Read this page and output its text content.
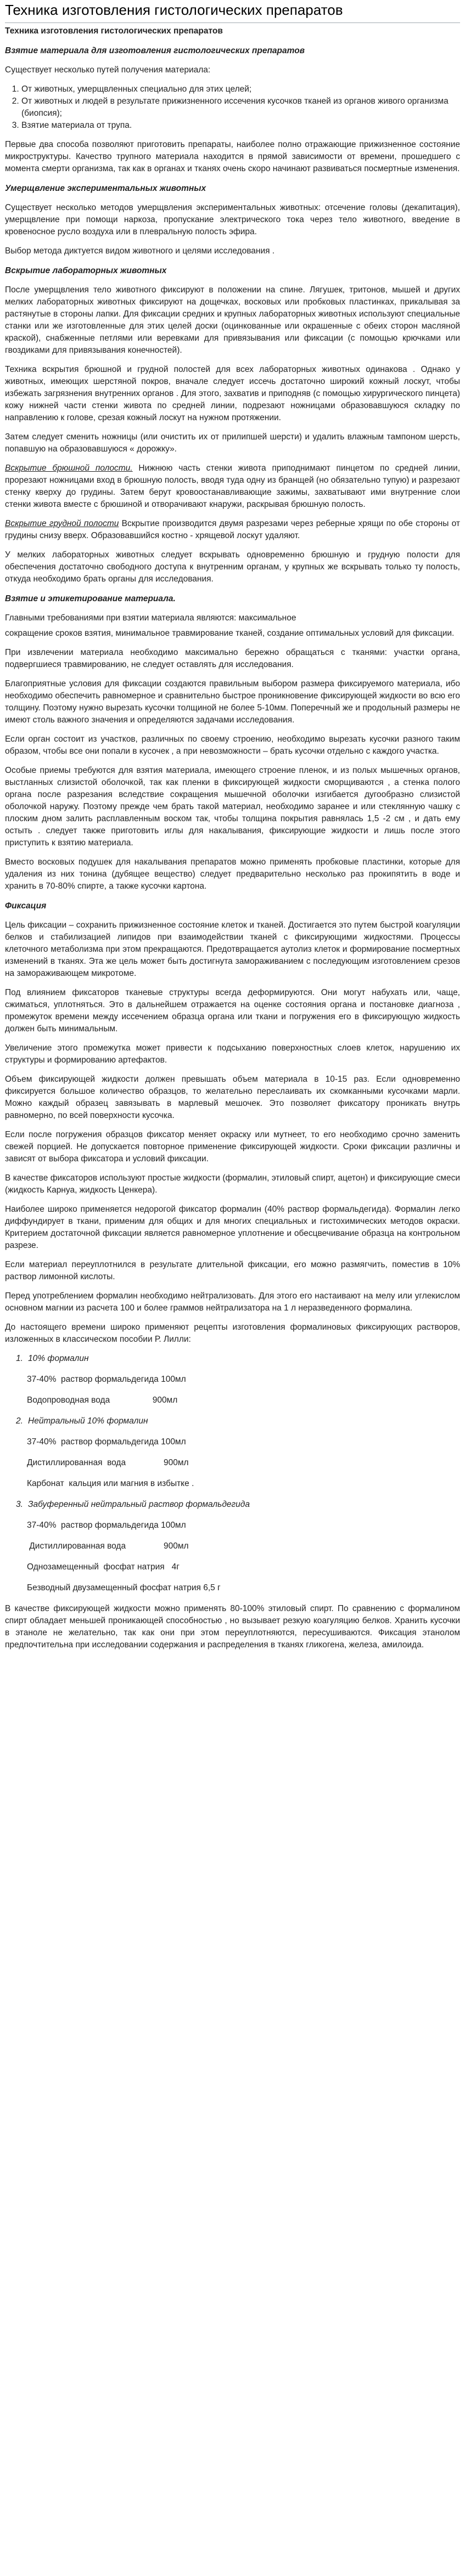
Техника изготовления гистологических препаратов
Техника изготовления гистологических препаратов
Взятие материала для изготовления гистологических препаратов

Существует несколько путей получения материала:

1. От животных, умерщвленных специально для этих целей;
2. От животных и людей в результате прижизненного иссечения кусочков тканей из органов живого организма (биопсия);
3. Взятие материала от трупа.

Первые два способа позволяют приготовить препараты, наиболее полно отражающие прижизненное состояние микроструктуры. Качество трупного материала находится в прямой зависимости от времени, прошедшего с момента смерти организма, так как в органах и тканях очень скоро начинают развиваться посмертные изменения.

Умерщвление экспериментальных животных

Существует несколько методов умерщвления экспериментальных животных: отсечение головы (декапитация), умерщвление при помощи наркоза, пропускание электрического тока через тело животного, введение в кровеносное русло воздуха или в плевральную полость эфира.

Выбор метода диктуется видом животного и целями исследования .

Вскрытие лабораторных животных

После умерщвления тело животного фиксируют в положении на спине. Лягушек, тритонов, мышей и других мелких лабораторных животных фиксируют на дощечках, восковых или пробковых пластинках, прикалывая за растянутые в стороны лапки. Для фиксации средних и крупных лабораторных животных используют специальные станки или же изготовленные для этих целей доски (оцинкованные или окрашенные с обеих сторон масляной краской), снабженные петлями или веревками для привязывания или фиксации (с помощью крючками или гвоздиками для привязывания конечностей).

Техника вскрытия брюшной и грудной полостей для всех лабораторных животных одинакова . Однако у животных, имеющих шерстяной покров, вначале следует иссечь достаточно широкий кожный лоскут, чтобы избежать загрязнения внутренних органов . Для этого, захватив и приподняв (с помощью хирургического пинцета) кожу нижней части стенки живота по средней линии, подрезают ножницами образовавшуюся складку по направлению к голове, срезая кожный лоскут на нужном протяжении.

Затем следует сменить ножницы (или очистить их от прилипшей шерсти) и удалить влажным тампоном шерсть, попавшую на образовавшуюся « дорожку».

Вскрытие брюшной полости. Нижнюю часть стенки живота приподнимают пинцетом по средней линии, прорезают ножницами вход в брюшную полость, вводя туда одну из бранщей (но обязательно тупую) и разрезают стенку кверху до грудины. Затем берут кровоостанавливающие зажимы, захватывают ими внутренние слои стенки живота вместе с брюшиной и отворачивают кнаружи, раскрывая брюшную полость.

Вскрытие грудной полости Вскрытие производится двумя разрезами через реберные хрящи по обе стороны от грудины снизу вверх. Образовавшийся костно - хрящевой лоскут удаляют.

У мелких лабораторных животных следует вскрывать одновременно брюшную и грудную полости для обеспечения достаточно свободного доступа к внутренним органам, у крупных же вскрывать только ту полость, откуда необходимо брать органы для исследования.

Взятие и этикетирование материала.

Главными требованиями при взятии материала являются: максимальное

сокращение сроков взятия, минимальное травмирование тканей, создание оптимальных условий для фиксации.

При извлечении материала необходимо максимально бережно обращаться с тканями: участки органа, подвергшиеся травмированию, не следует оставлять для исследования.

Благоприятные условия для фиксации создаются правильным выбором размера фиксируемого материала, ибо необходимо обеспечить равномерное и сравнительно быстрое проникновение фиксирующей жидкости во всю его толщину. Поэтому нужно вырезать кусочки толщиной не более 5-10мм. Поперечный же и продольный размеры не имеют столь важного значения и определяются задачами исследования.

Если орган состоит из участков, различных по своему строению, необходимо вырезать кусочки разного таким образом, чтобы все они попали в кусочек , а при невозможности – брать кусочки отдельно с каждого участка.

Особые приемы требуются для взятия материала, имеющего строение пленок, и из полых мышечных органов, выстланных слизистой оболочкой, так как пленки в фиксирующей жидкости сморщиваются , а стенка полого органа после разрезания вследствие сокращения мышечной оболочки изгибается дугообразно слизистой оболочкой наружу. Поэтому прежде чем брать такой материал, необходимо заранее и или стеклянную чашку с плоским дном залить расплавленным воском так, чтобы толщина покрытия равнялась 1,5 -2 см , и дать ему остыть . следует также приготовить иглы для накалывания, фиксирующие жидкости и лишь после этого приступить к взятию материала.

Вместо восковых подушек для накалывания препаратов можно применять пробковые пластинки, которые для удаления из них тонина (дубящее вещество) следует предварительно несколько раз прокипятить в воде и хранить в 70-80% спирте, а также кусочки картона.

Фиксация

Цель фиксации – сохранить прижизненное состояние клеток и тканей. Достигается это путем быстрой коагуляции белков и стабилизацией липидов при взаимодействии тканей с фиксирующими жидкостями. Процессы клеточного метаболизма при этом прекращаются. Предотвращается аутолиз клеток и формирование посмертных изменений в тканях. Эта же цель может быть достигнута замораживанием с последующим изготовлением срезов на замораживающем микротоме.

Под влиянием фиксаторов тканевые структуры всегда деформируются. Они могут набухать или, чаще, сжиматься, уплотняться. Это в дальнейшем отражается на оценке состояния органа и постановке диагноза , промежуток времени между иссечением образца органа или ткани и погружения его в фиксирующую жидкость должен быть минимальным.

Увеличение этого промежутка может привести к подсыханию поверхностных слоев клеток, нарушению их структуры и формированию артефактов.

Объем фиксирующей жидкости должен превышать объем материала в 10-15 раз. Если одновременно фиксируется большое количество образцов, то желательно переслаивать их скомканными кусочками марли. Можно каждый образец завязывать в марлевый мешочек. Это позволяет фиксатору проникать внутрь равномерно, по всей поверхности кусочка.

Если после погружения образцов фиксатор меняет окраску или мутнеет, то его необходимо срочно заменить свежей порцией. Не допускается повторное применение фиксирующей жидкости. Сроки фиксации различны и зависят от выбора фиксатора и условий фиксации.

В качестве фиксаторов используют простые жидкости (формалин, этиловый спирт, ацетон) и фиксирующие смеси (жидкость Карнуа, жидкость Ценкера).

Наиболее широко применяется недорогой фиксатор формалин (40% раствор формальдегида). Формалин легко диффундирует в ткани, применим для общих и для многих специальных и гистохимических методов окраски. Критерием достаточной фиксации является равномерное уплотнение и обесцвечивание образца на контрольном разрезе.

Если материал переуплотнился в результате длительной фиксации, его можно размягчить, поместив в 10% раствор лимонной кислоты.

Перед употреблением формалин необходимо нейтрализовать. Для этого его настаивают на мелу или углекислом основном магнии из расчета 100 и более граммов нейтрализатора на 1 л неразведенного формалина.

До настоящего времени широко применяют рецепты изготовления формалиновых фиксирующих растворов, изложенных в классическом пособии Р. Лилли:

1. 10% формалин
37-40%  раствор формальдегида 100мл
Водопроводная вода                  900мл
2. Нейтральный 10% формалин
37-40%  раствор формальдегида 100мл
Дистиллированная  вода                900мл
Карбонат  кальция или магния в избытке .
3. Забуференный нейтральный раствор формальдегида
37-40%  раствор формальдегида 100мл
Дистиллированная вода                900мл
Однозамещенный  фосфат натрия   4г
Безводный двузамещенный фосфат натрия 6,5 г

В качестве фиксирующей жидкости можно применять 80-100% этиловый спирт. По сравнению с формалином спирт обладает меньшей проникающей способностью , но вызывает резкую коагуляцию белков. Хранить кусочки в этаноле не желательно, так как они при этом переуплотняются, пересушиваются. Фиксация этанолом предпочтительна при исследовании содержания и распределения в тканях гликогена, железа, амилоида.
